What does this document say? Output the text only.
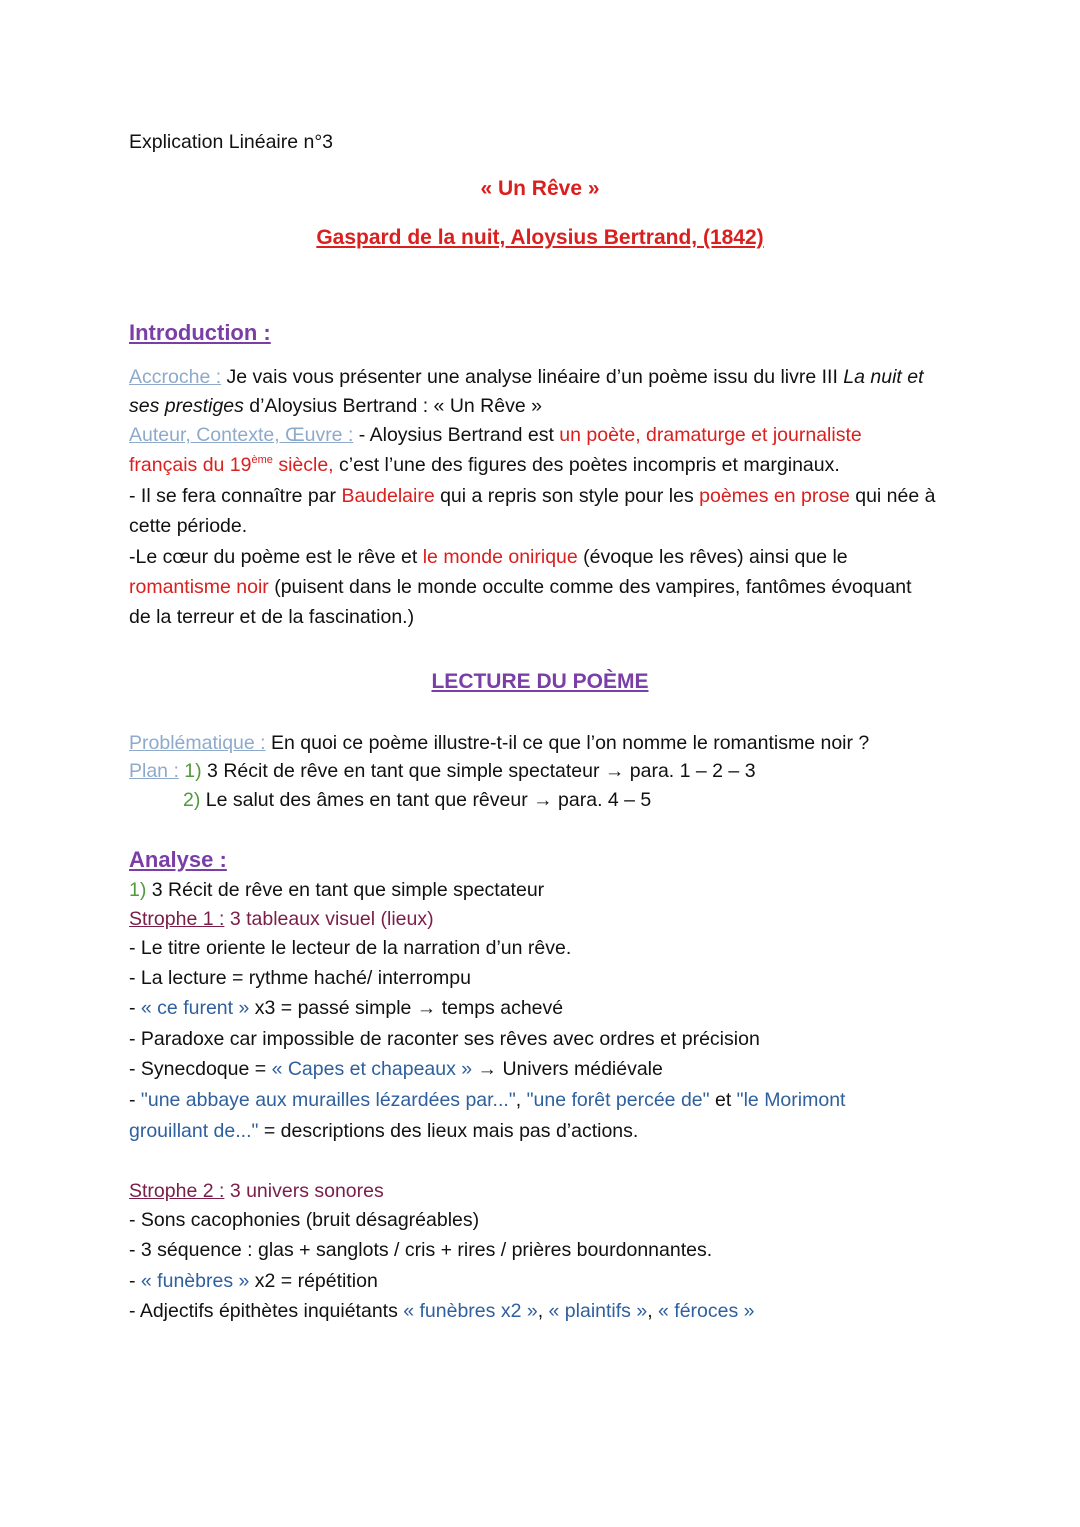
Explication Linéaire n°3
« Un Rêve »
Gaspard de la nuit, Aloysius Bertrand, (1842)
Introduction :
Accroche : Je vais vous présenter une analyse linéaire d’un poème issu du livre III La nuit et
ses prestiges d’Aloysius Bertrand : « Un Rêve »
Auteur, Contexte, Œuvre : - Aloysius Bertrand est un poète, dramaturge et journaliste
français du 19ème siècle, c’est l’une des figures des poètes incompris et marginaux.
- Il se fera connaître par Baudelaire qui a repris son style pour les poèmes en prose qui née à
cette période.
-Le cœur du poème est le rêve et le monde onirique (évoque les rêves) ainsi que le
romantisme noir (puisent dans le monde occulte comme des vampires, fantômes évoquant
de la terreur et de la fascination.)
LECTURE DU POÈME
Problématique : En quoi ce poème illustre-t-il ce que l’on nomme le romantisme noir ?
Plan : 1) 3 Récit de rêve en tant que simple spectateur → para. 1 – 2 – 3
2) Le salut des âmes en tant que rêveur → para. 4 – 5
Analyse :
1) 3 Récit de rêve en tant que simple spectateur
Strophe 1 : 3 tableaux visuel (lieux)
- Le titre oriente le lecteur de la narration d’un rêve.
- La lecture = rythme haché/ interrompu
- « ce furent » x3 = passé simple → temps achevé
- Paradoxe car impossible de raconter ses rêves avec ordres et précision
- Synecdoque = « Capes et chapeaux » → Univers médiévale
- "une abbaye aux murailles lézardées par...", "une forêt percée de" et "le Morimont
grouillant de..." = descriptions des lieux mais pas d’actions.
Strophe 2 : 3 univers sonores
- Sons cacophonies (bruit désagréables)
- 3 séquence : glas + sanglots / cris + rires / prières bourdonnantes.
- « funèbres » x2 = répétition
- Adjectifs épithètes inquiétants « funèbres x2 », « plaintifs », « féroces »
